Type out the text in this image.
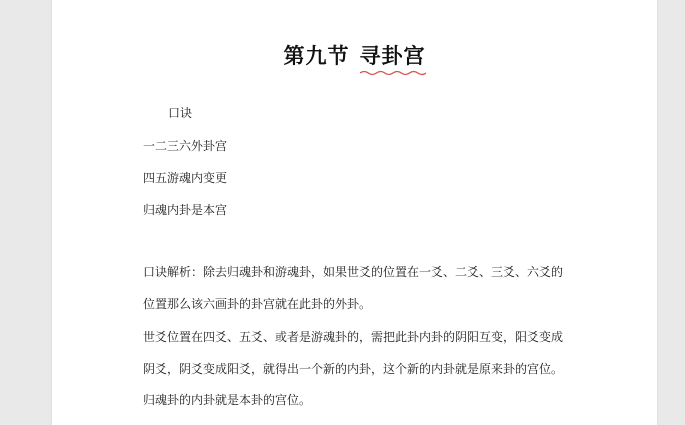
第九节 寻卦宫
口诀
一二三六外卦宫
四五游魂内变更
归魂内卦是本宫
口诀解析：除去归魂卦和游魂卦，如果世爻的位置在一爻、二爻、三爻、六爻的
位置那么该六画卦的卦宫就在此卦的外卦。
世爻位置在四爻、五爻、或者是游魂卦的，需把此卦内卦的阴阳互变，阳爻变成
阴爻，阴爻变成阳爻，就得出一个新的内卦，这个新的内卦就是原来卦的宫位。
归魂卦的内卦就是本卦的宫位。
